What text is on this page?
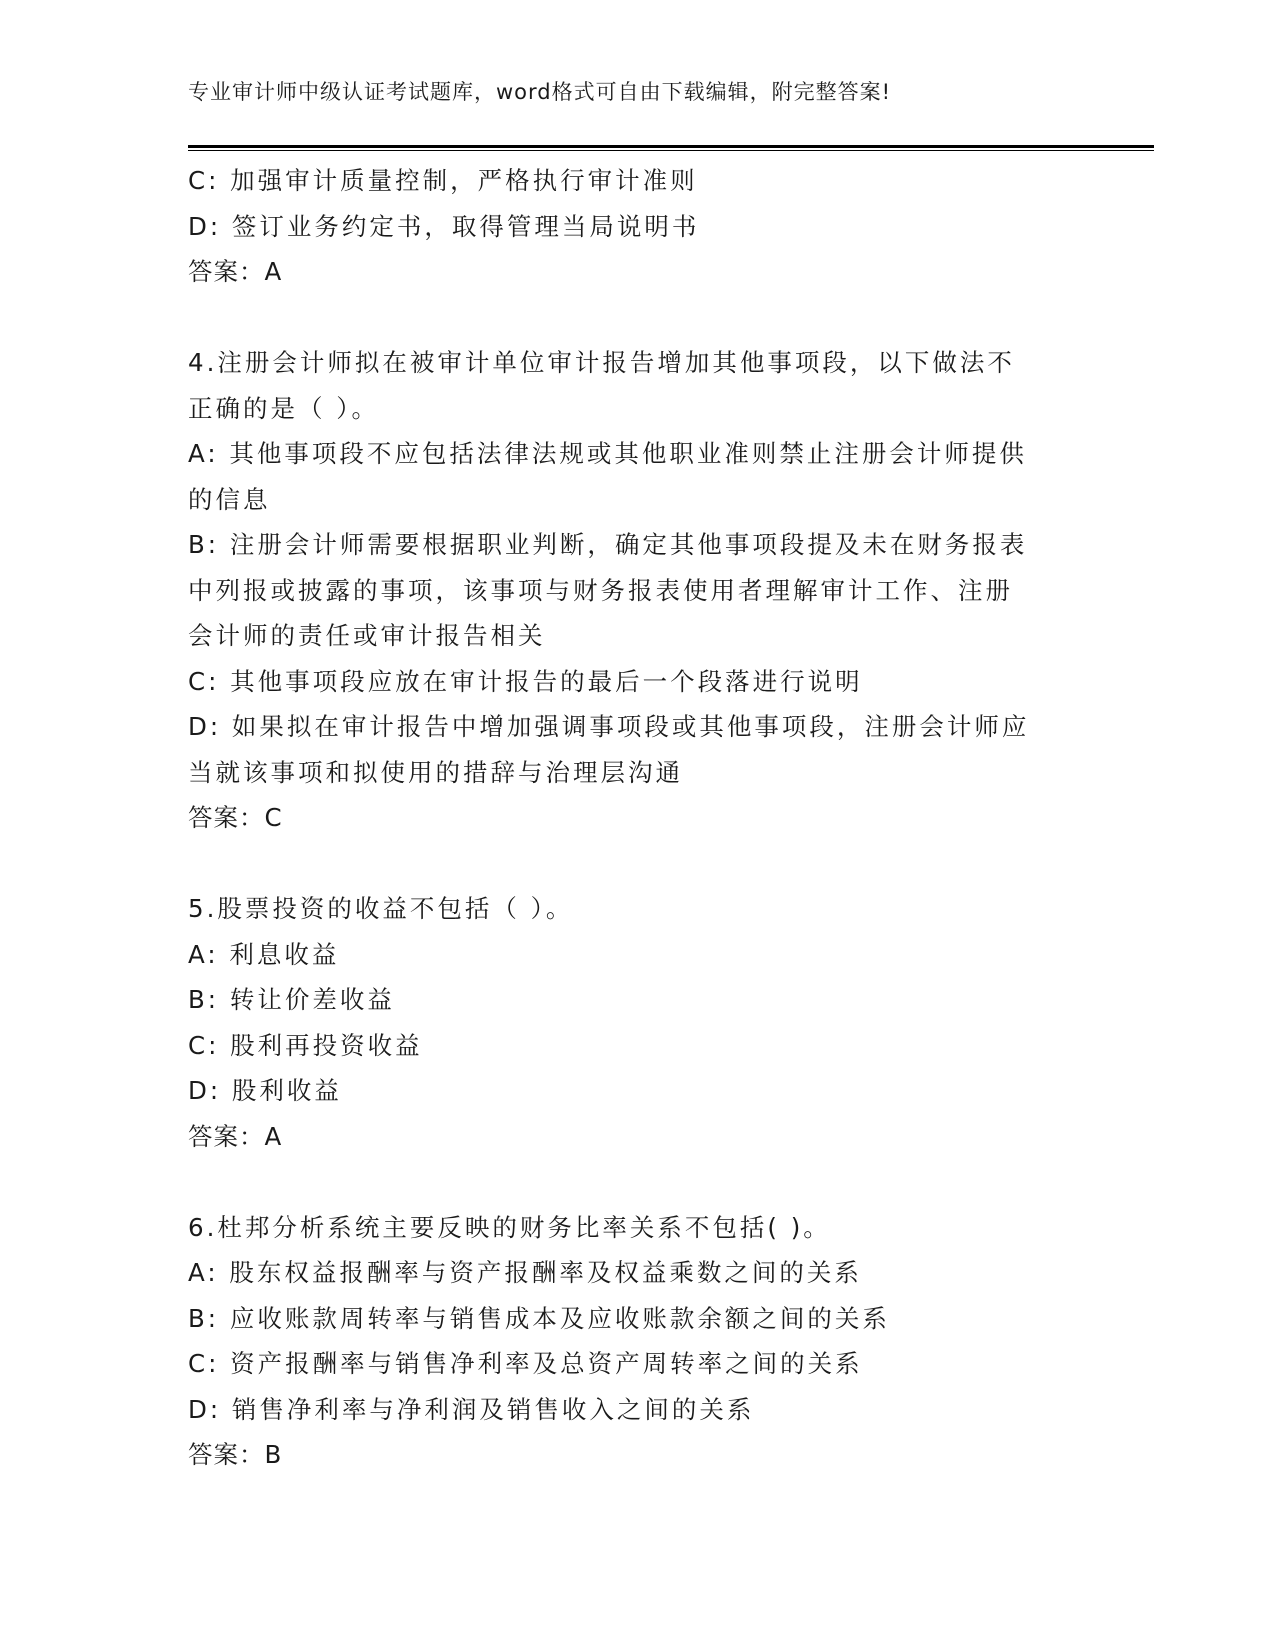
专业审计师中级认证考试题库，word格式可自由下载编辑，附完整答案!
C: 加强审计质量控制，严格执行审计准则
D: 签订业务约定书，取得管理当局说明书
答案：A
4.注册会计师拟在被审计单位审计报告增加其他事项段，以下做法不
正确的是（ ）。
A: 其他事项段不应包括法律法规或其他职业准则禁止注册会计师提供
的信息
B: 注册会计师需要根据职业判断，确定其他事项段提及未在财务报表
中列报或披露的事项，该事项与财务报表使用者理解审计工作、注册
会计师的责任或审计报告相关
C: 其他事项段应放在审计报告的最后一个段落进行说明
D: 如果拟在审计报告中增加强调事项段或其他事项段，注册会计师应
当就该事项和拟使用的措辞与治理层沟通
答案：C
5.股票投资的收益不包括（ ）。
A: 利息收益
B: 转让价差收益
C: 股利再投资收益
D: 股利收益
答案：A
6.杜邦分析系统主要反映的财务比率关系不包括( )。
A: 股东权益报酬率与资产报酬率及权益乘数之间的关系
B: 应收账款周转率与销售成本及应收账款余额之间的关系
C: 资产报酬率与销售净利率及总资产周转率之间的关系
D: 销售净利率与净利润及销售收入之间的关系
答案：B
